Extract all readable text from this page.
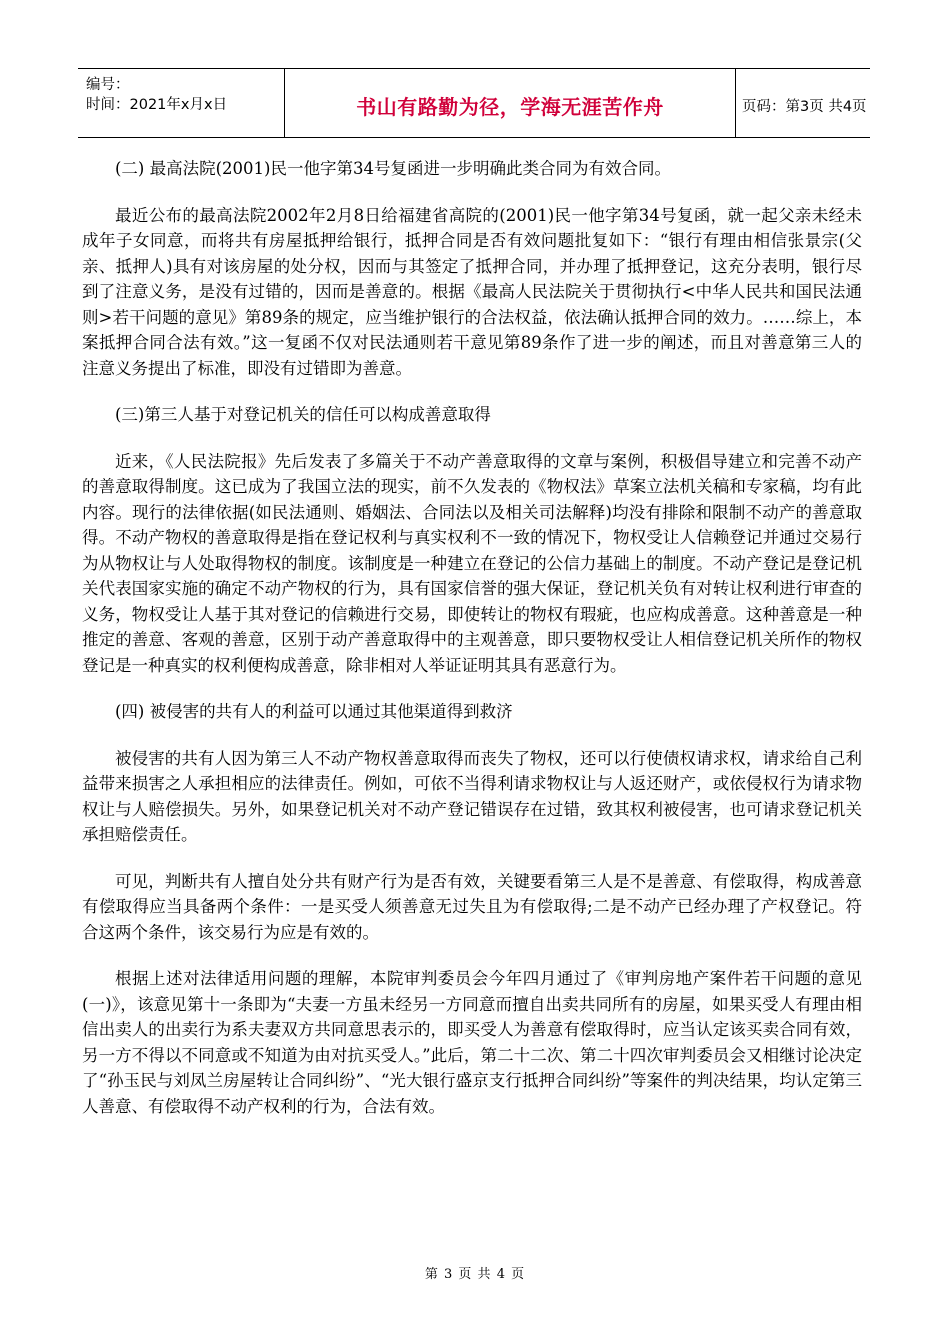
编号：
时间：2021年x月x日	书山有路勤为径，学海无涯苦作舟	页码：第3页 共4页

(二) 最高法院(2001)民一他字第34号复函进一步明确此类合同为有效合同。

最近公布的最高法院2002年2月8日给福建省高院的(2001)民一他字第34号复函，就一起父亲未经未成年子女同意，而将共有房屋抵押给银行，抵押合同是否有效问题批复如下：“银行有理由相信张景宗(父亲、抵押人)具有对该房屋的处分权，因而与其签定了抵押合同，并办理了抵押登记，这充分表明，银行尽到了注意义务，是没有过错的，因而是善意的。根据《最高人民法院关于贯彻执行<中华人民共和国民法通则>若干问题的意见》第89条的规定，应当维护银行的合法权益，依法确认抵押合同的效力。……综上，本案抵押合同合法有效。”这一复函不仅对民法通则若干意见第89条作了进一步的阐述，而且对善意第三人的注意义务提出了标准，即没有过错即为善意。

(三)第三人基于对登记机关的信任可以构成善意取得

近来，《人民法院报》先后发表了多篇关于不动产善意取得的文章与案例，积极倡导建立和完善不动产的善意取得制度。这已成为了我国立法的现实，前不久发表的《物权法》草案立法机关稿和专家稿，均有此内容。现行的法律依据(如民法通则、婚姻法、合同法以及相关司法解释)均没有排除和限制不动产的善意取得。不动产物权的善意取得是指在登记权利与真实权利不一致的情况下，物权受让人信赖登记并通过交易行为从物权让与人处取得物权的制度。该制度是一种建立在登记的公信力基础上的制度。不动产登记是登记机关代表国家实施的确定不动产物权的行为，具有国家信誉的强大保证，登记机关负有对转让权利进行审查的义务，物权受让人基于其对登记的信赖进行交易，即使转让的物权有瑕疵，也应构成善意。这种善意是一种推定的善意、客观的善意，区别于动产善意取得中的主观善意，即只要物权受让人相信登记机关所作的物权登记是一种真实的权利便构成善意，除非相对人举证证明其具有恶意行为。

(四) 被侵害的共有人的利益可以通过其他渠道得到救济

被侵害的共有人因为第三人不动产物权善意取得而丧失了物权，还可以行使债权请求权，请求给自己利益带来损害之人承担相应的法律责任。例如，可依不当得利请求物权让与人返还财产，或依侵权行为请求物权让与人赔偿损失。另外，如果登记机关对不动产登记错误存在过错，致其权利被侵害，也可请求登记机关承担赔偿责任。

可见，判断共有人擅自处分共有财产行为是否有效，关键要看第三人是不是善意、有偿取得，构成善意有偿取得应当具备两个条件：一是买受人须善意无过失且为有偿取得;二是不动产已经办理了产权登记。符合这两个条件，该交易行为应是有效的。

根据上述对法律适用问题的理解，本院审判委员会今年四月通过了《审判房地产案件若干问题的意见(一)》，该意见第十一条即为“夫妻一方虽未经另一方同意而擅自出卖共同所有的房屋，如果买受人有理由相信出卖人的出卖行为系夫妻双方共同意思表示的，即买受人为善意有偿取得时，应当认定该买卖合同有效，另一方不得以不同意或不知道为由对抗买受人。”此后，第二十二次、第二十四次审判委员会又相继讨论决定了“孙玉民与刘凤兰房屋转让合同纠纷”、“光大银行盛京支行抵押合同纠纷”等案件的判决结果，均认定第三人善意、有偿取得不动产权利的行为，合法有效。

第 3 页 共 4 页
